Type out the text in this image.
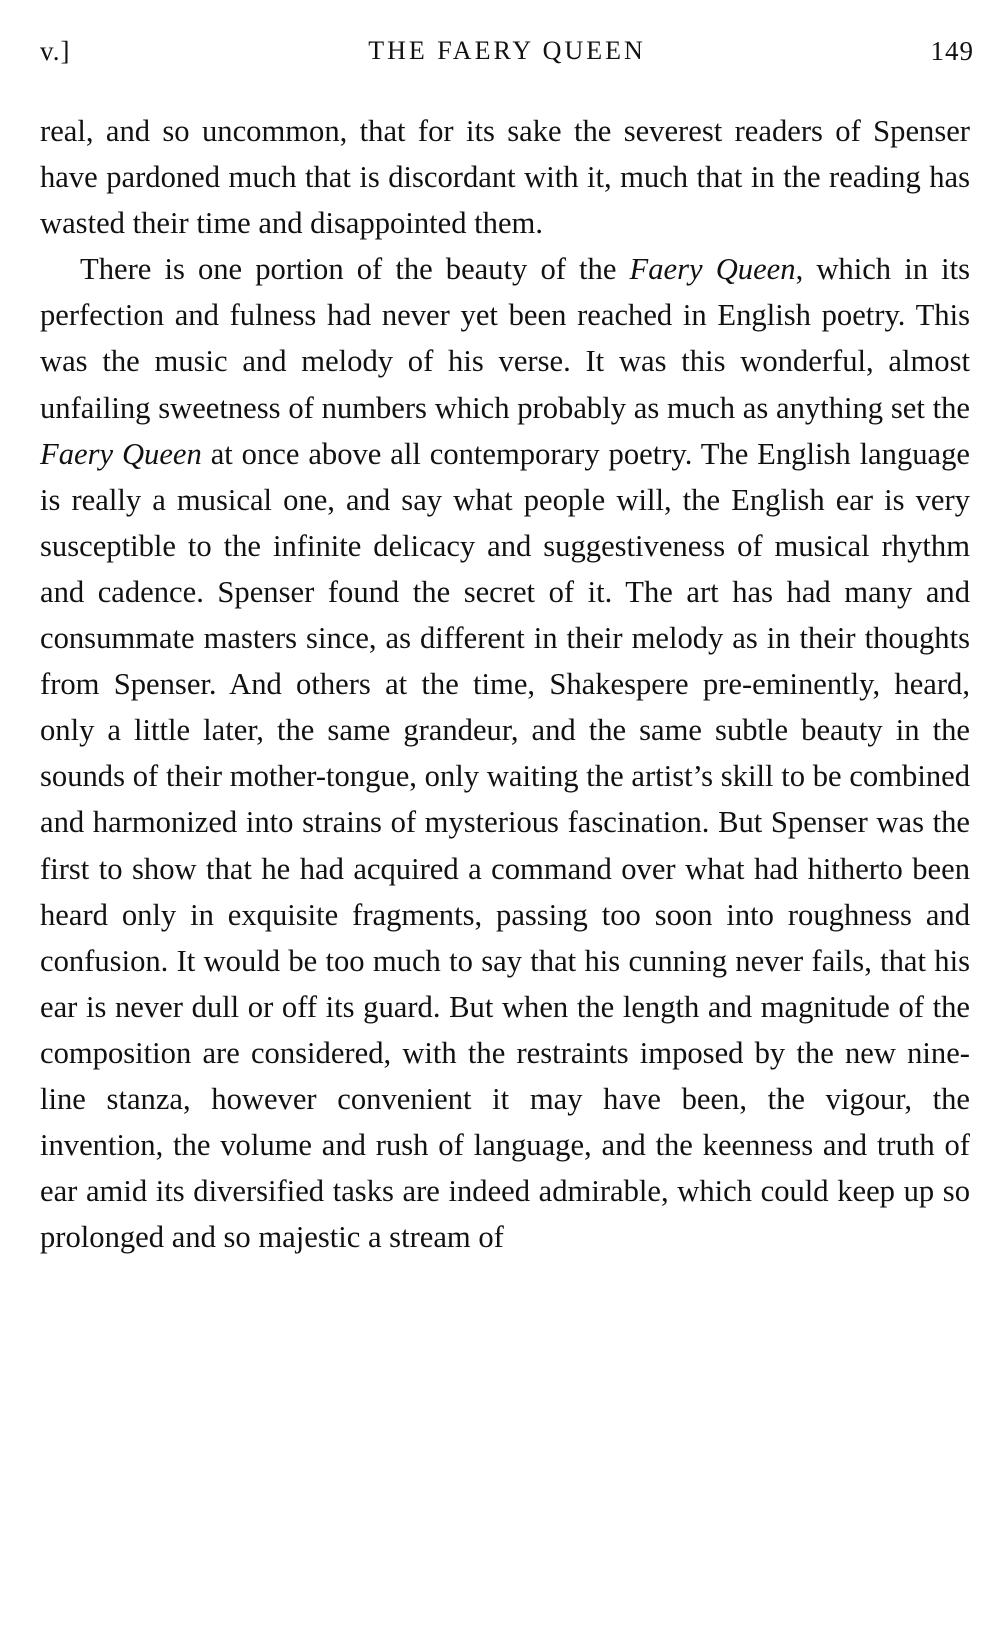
v.]	THE FAERY QUEEN	149

real, and so uncommon, that for its sake the severest readers of Spenser have pardoned much that is discordant with it, much that in the reading has wasted their time and disappointed them.

There is one portion of the beauty of the Faery Queen, which in its perfection and fulness had never yet been reached in English poetry. This was the music and melody of his verse. It was this wonderful, almost unfailing sweetness of numbers which probably as much as anything set the Faery Queen at once above all contemporary poetry. The English language is really a musical one, and say what people will, the English ear is very susceptible to the infinite delicacy and suggestiveness of musical rhythm and cadence. Spenser found the secret of it. The art has had many and consummate masters since, as different in their melody as in their thoughts from Spenser. And others at the time, Shakespere pre-eminently, heard, only a little later, the same grandeur, and the same subtle beauty in the sounds of their mother-tongue, only waiting the artist’s skill to be combined and harmonized into strains of mysterious fascination. But Spenser was the first to show that he had acquired a command over what had hitherto been heard only in exquisite fragments, passing too soon into roughness and confusion. It would be too much to say that his cunning never fails, that his ear is never dull or off its guard. But when the length and magnitude of the composition are considered, with the restraints imposed by the new nine-line stanza, however convenient it may have been, the vigour, the invention, the volume and rush of language, and the keenness and truth of ear amid its diversified tasks are indeed admirable, which could keep up so prolonged and so majestic a stream of
